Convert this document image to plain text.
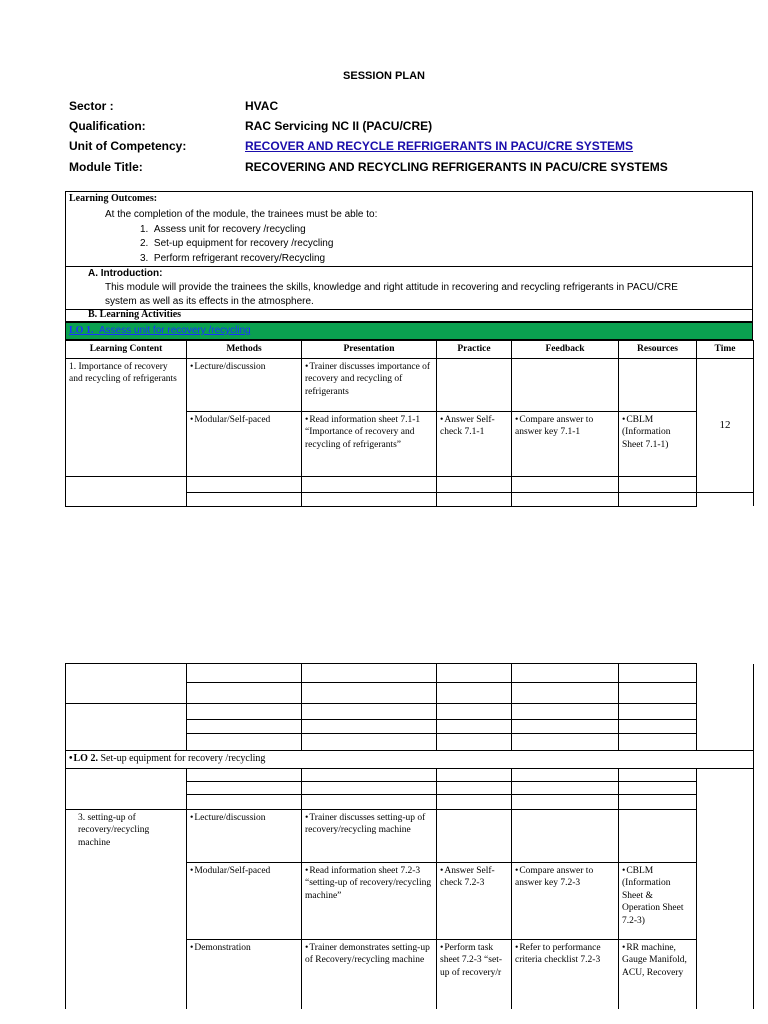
SESSION PLAN
Sector :	HVAC
Qualification:	RAC Servicing NC II (PACU/CRE)
Unit of Competency:	RECOVER AND RECYCLE REFRIGERANTS IN PACU/CRE SYSTEMS
Module Title:	RECOVERING AND RECYCLING REFRIGERANTS IN PACU/CRE SYSTEMS
Learning Outcomes:
At the completion of the module, the trainees must be able to:
1. Assess unit for recovery /recycling
2. Set-up equipment for recovery /recycling
3. Perform refrigerant recovery/Recycling
A. Introduction:
This module will provide the trainees the skills, knowledge and right attitude in recovering and recycling refrigerants in PACU/CRE
system as well as its effects in the atmosphere.
B. Learning Activities
LO 1. Assess unit for recovery /recycling
Learning Content	Methods	Presentation	Practice	Feedback	Resources	Time
1. Importance of recovery and recycling of refrigerants	• Lecture/discussion	• Trainer discusses importance of recovery and recycling of refrigerants				12
	• Modular/Self-paced	• Read information sheet 7.1-1 “Importance of recovery and recycling of refrigerants”	• Answer Self-check 7.1-1	• Compare answer to answer key 7.1-1	• CBLM (Information Sheet 7.1-1)

• LO 2. Set-up equipment for recovery /recycling

3. setting-up of recovery/recycling machine	• Lecture/discussion	• Trainer discusses setting-up of recovery/recycling machine			
	• Modular/Self-paced	• Read information sheet 7.2-3 “setting-up of recovery/recycling machine”	• Answer Self-check 7.2-3	• Compare answer to answer key 7.2-3	• CBLM (Information Sheet & Operation Sheet 7.2-3)
	• Demonstration	• Trainer demonstrates setting-up of Recovery/recycling machine	• Perform task sheet 7.2-3 “set-up of recovery/r	• Refer to performance criteria checklist 7.2-3	• RR machine, Gauge Manifold, ACU, Recovery
